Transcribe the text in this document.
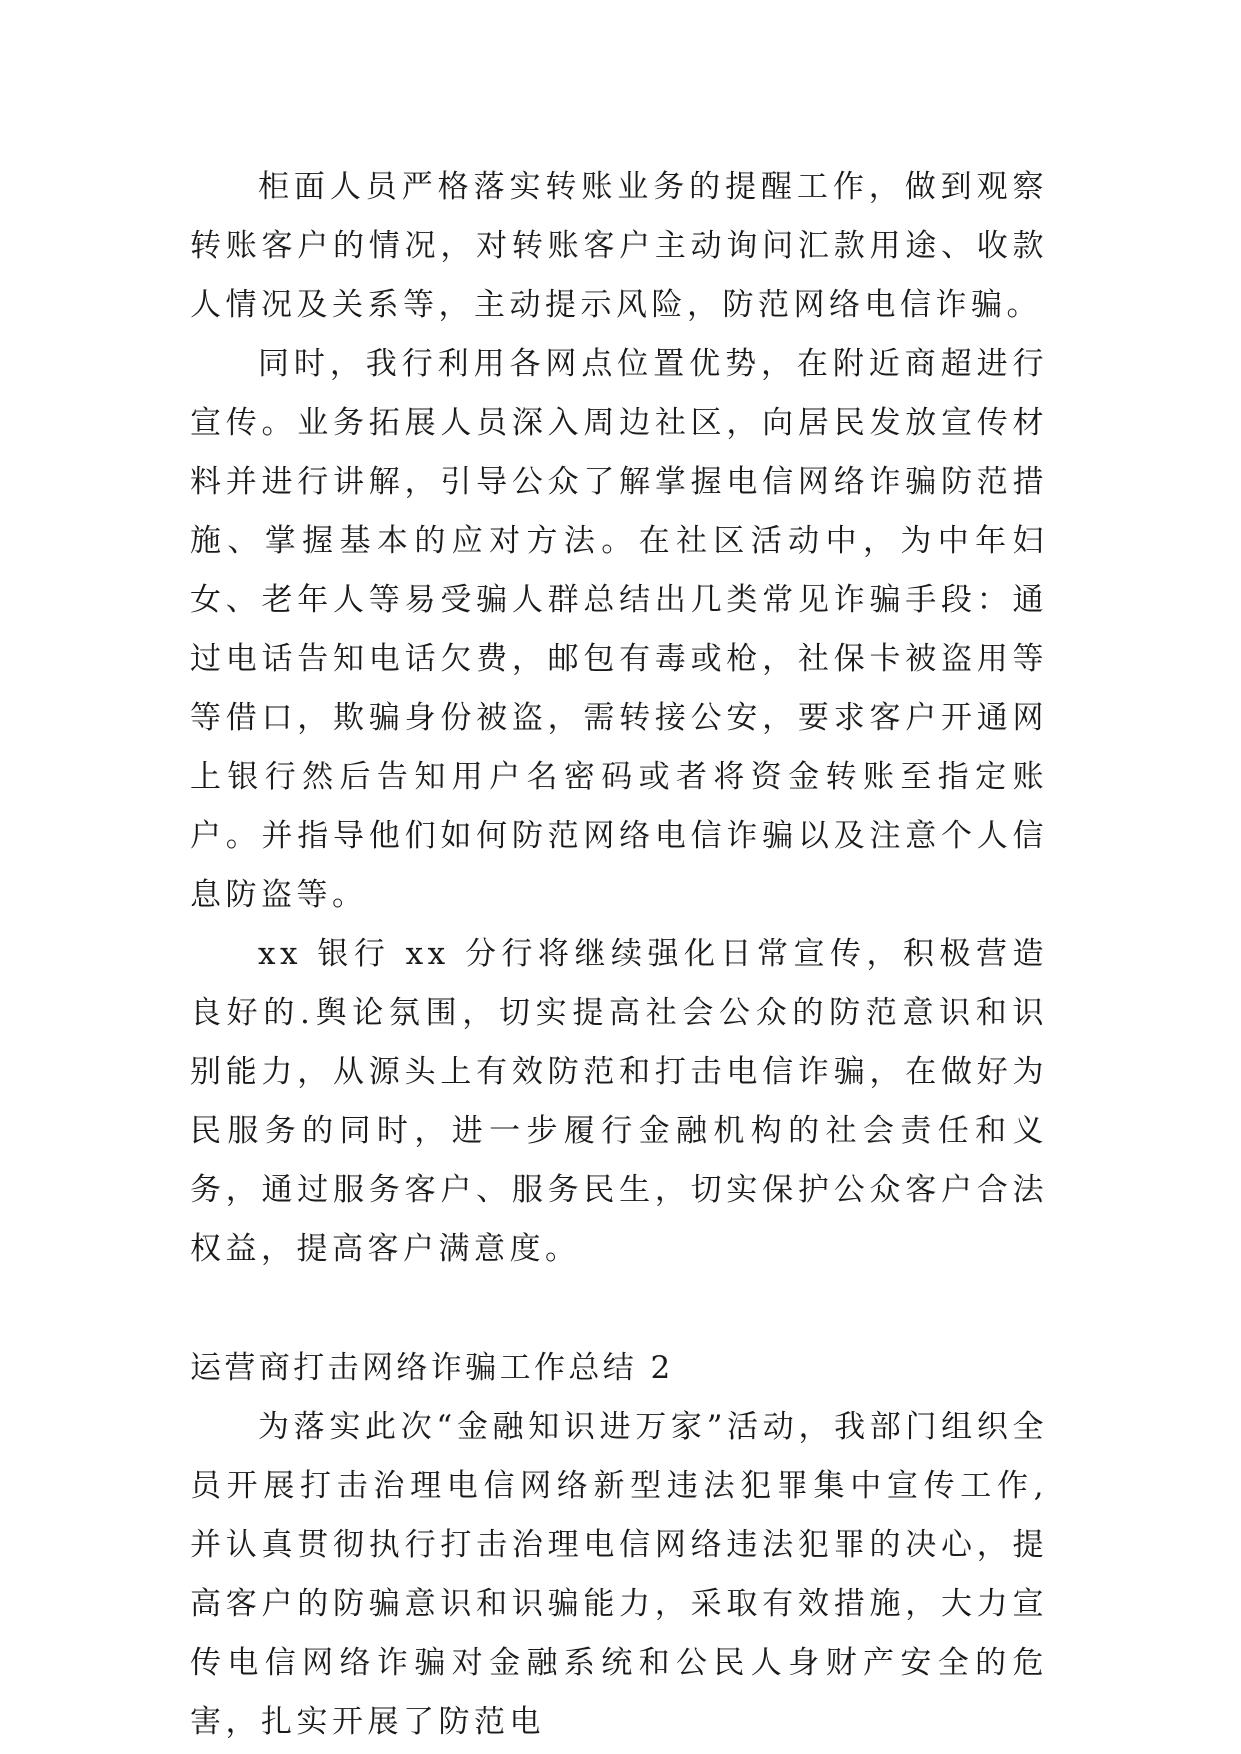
柜面人员严格落实转账业务的提醒工作，做到观察转账客户的情况，对转账客户主动询问汇款用途、收款人情况及关系等，主动提示风险，防范网络电信诈骗。

同时，我行利用各网点位置优势，在附近商超进行宣传。业务拓展人员深入周边社区，向居民发放宣传材料并进行讲解，引导公众了解掌握电信网络诈骗防范措施、掌握基本的应对方法。在社区活动中，为中年妇女、老年人等易受骗人群总结出几类常见诈骗手段：通过电话告知电话欠费，邮包有毒或枪，社保卡被盗用等等借口，欺骗身份被盗，需转接公安，要求客户开通网上银行然后告知用户名密码或者将资金转账至指定账户。并指导他们如何防范网络电信诈骗以及注意个人信息防盗等。

xx 银行 xx 分行将继续强化日常宣传，积极营造良好的.舆论氛围，切实提高社会公众的防范意识和识别能力，从源头上有效防范和打击电信诈骗，在做好为民服务的同时，进一步履行金融机构的社会责任和义务，通过服务客户、服务民生，切实保护公众客户合法权益，提高客户满意度。

运营商打击网络诈骗工作总结 2

为落实此次“金融知识进万家”活动，我部门组织全员开展打击治理电信网络新型违法犯罪集中宣传工作,并认真贯彻执行打击治理电信网络违法犯罪的决心，提高客户的防骗意识和识骗能力，采取有效措施，大力宣传电信网络诈骗对金融系统和公民人身财产安全的危害，扎实开展了防范电
